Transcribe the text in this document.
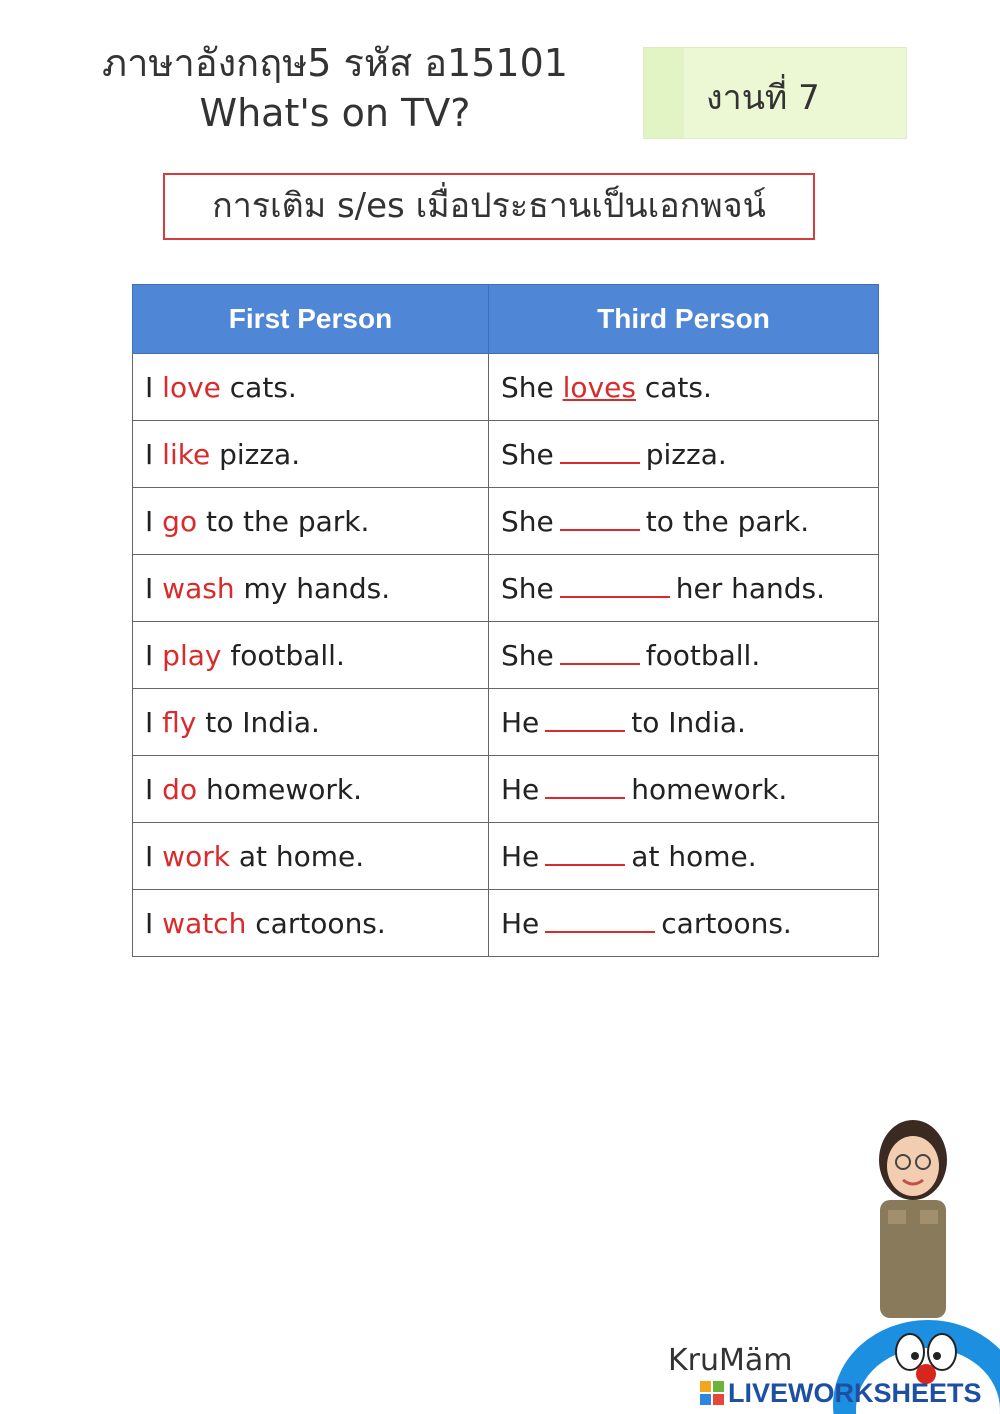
ภาษาอังกฤษ5 รหัส อ15101
What's on TV?	งานที่ 7
การเติม s/es เมื่อประธานเป็นเอกพจน์
First Person	Third Person
I love cats.	She loves cats.
I like pizza.	She pizza.
I go to the park.	She to the park.
I wash my hands.	She her hands.
I play football.	She football.
I fly to India.	He to India.
I do homework.	He homework.
I work at home.	He at home.
I watch cartoons.	He cartoons.
KruMäm
LIVEWORKSHEETS
